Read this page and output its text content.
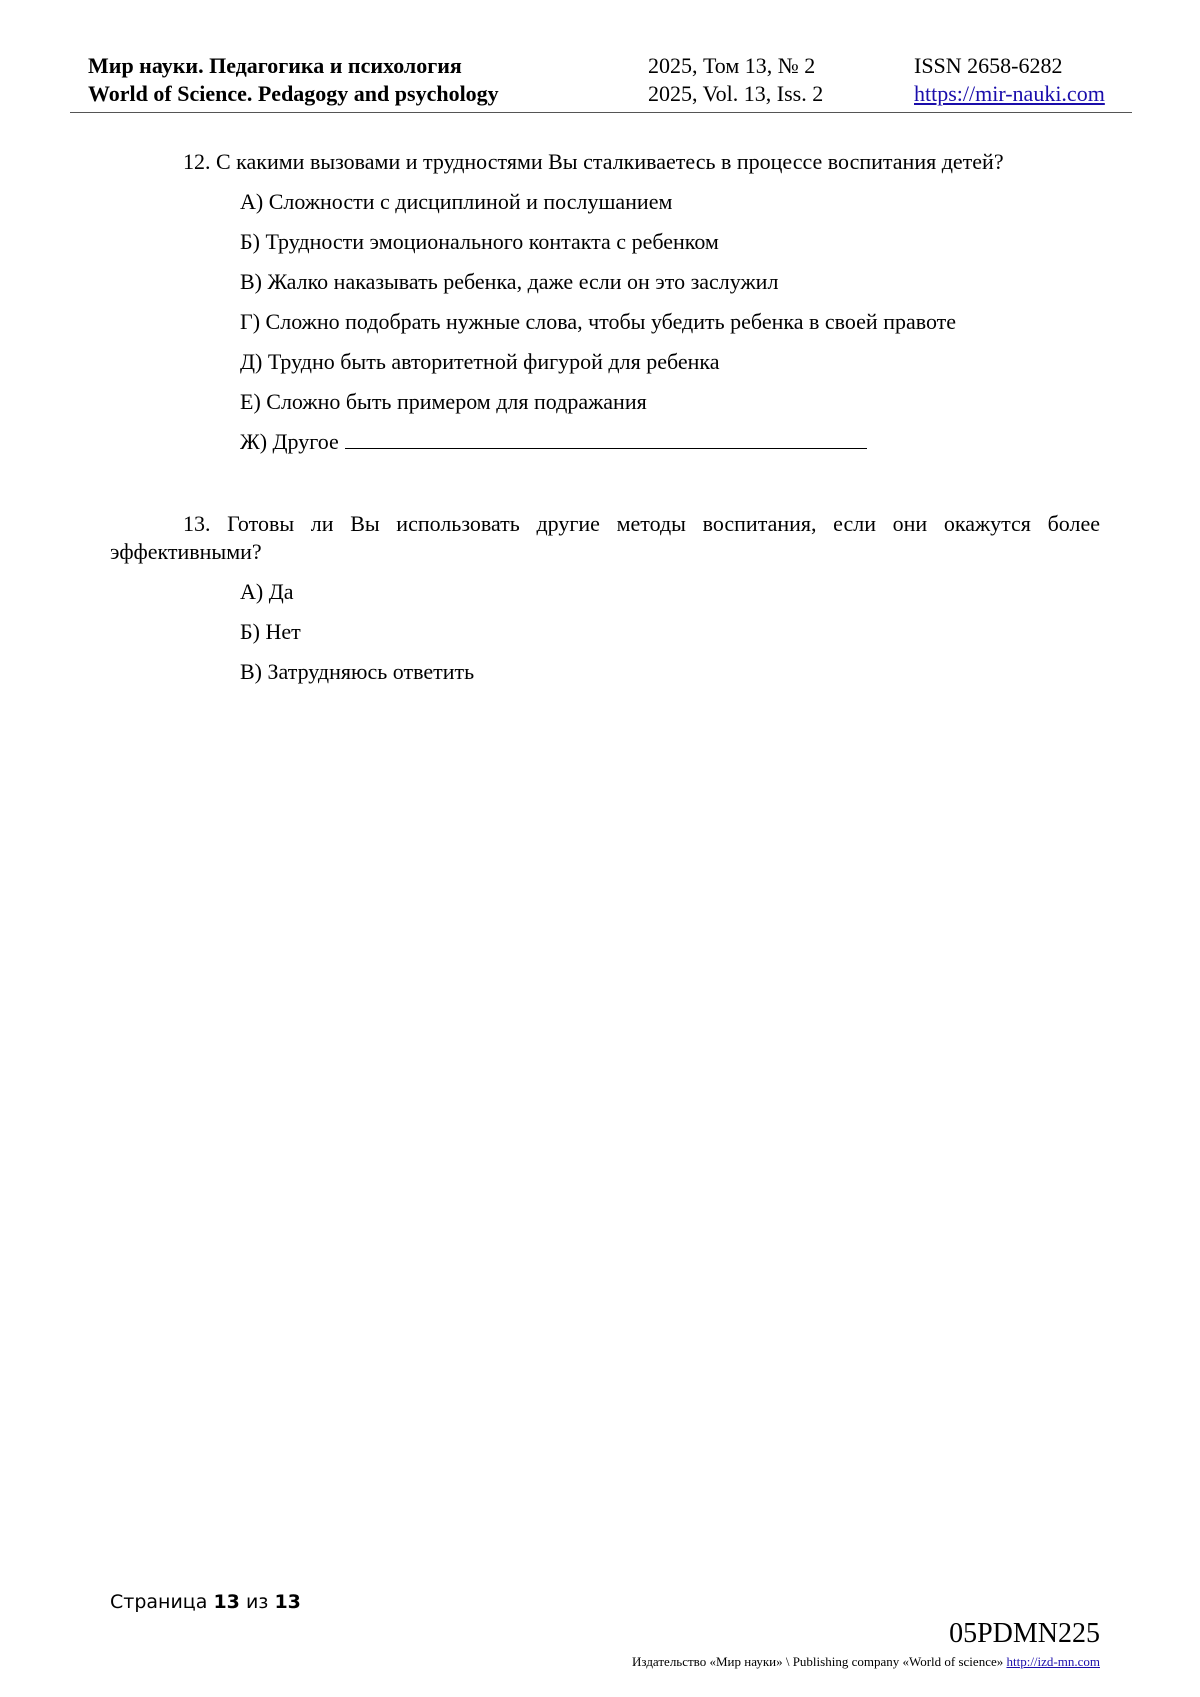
Мир науки. Педагогика и психология
World of Science. Pedagogy and psychology
2025, Том 13, № 2
2025, Vol. 13, Iss. 2
ISSN 2658-6282
https://mir-nauki.com
12. С какими вызовами и трудностями Вы сталкиваетесь в процессе воспитания детей?
А) Сложности с дисциплиной и послушанием
Б) Трудности эмоционального контакта с ребенком
В) Жалко наказывать ребенка, даже если он это заслужил
Г) Сложно подобрать нужные слова, чтобы убедить ребенка в своей правоте
Д) Трудно быть авторитетной фигурой для ребенка
Е) Сложно быть примером для подражания
Ж) Другое
13. Готовы ли Вы использовать другие методы воспитания, если они окажутся более
эффективными?
А) Да
Б) Нет
В) Затрудняюсь ответить
Страница 13 из 13
05PDMN225
Издательство «Мир науки» \ Publishing company «World of science» http://izd-mn.com
